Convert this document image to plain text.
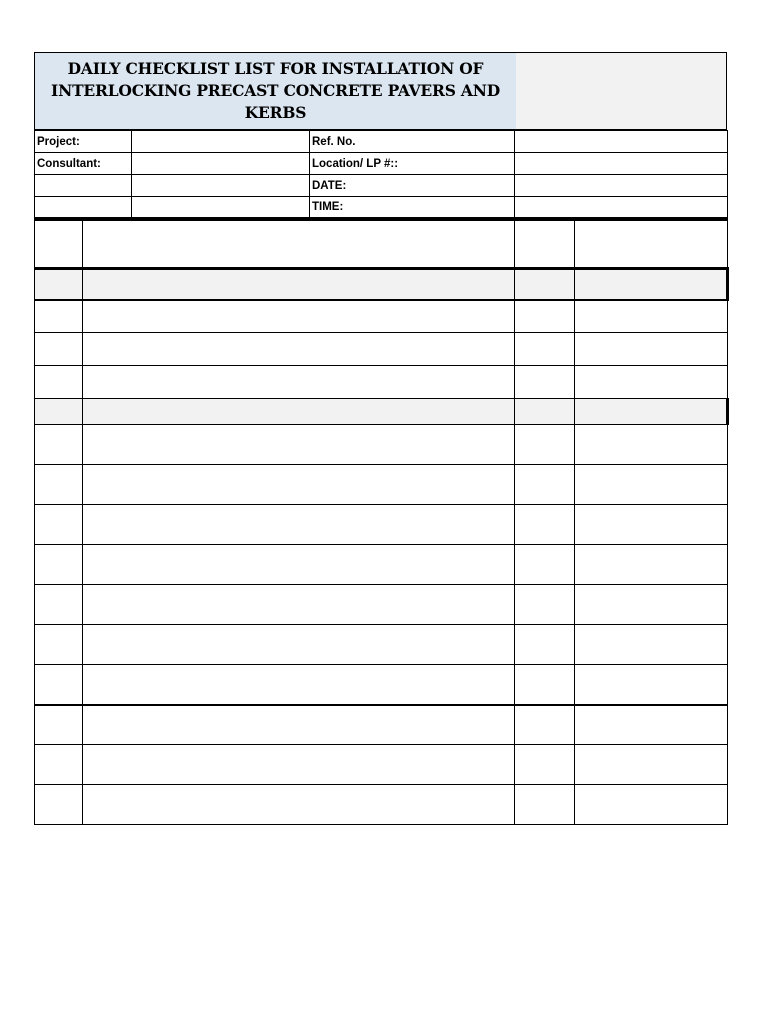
DAILY CHECKLIST LIST FOR INSTALLATION OF
INTERLOCKING PRECAST CONCRETE PAVERS AND KERBS
Project:		Ref. No.	
Consultant:		Location/ LP #::	
		DATE:	
		TIME:	
